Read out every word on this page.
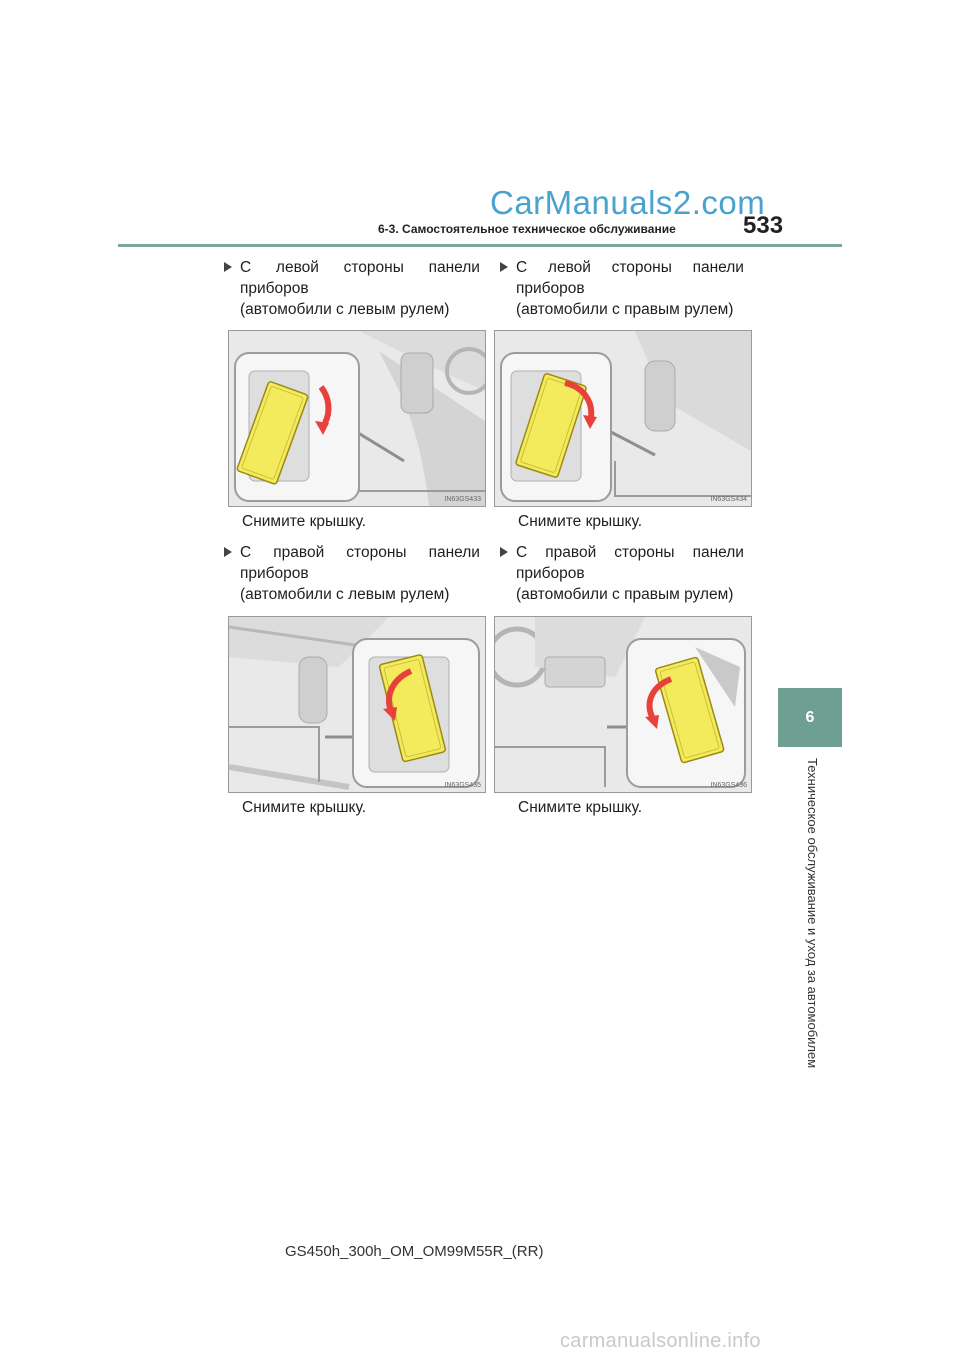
CarManuals2.com
6-3. Самостоятельное техническое обслуживание	533
6
Техническое обслуживание и уход за автомобилем
С левой стороны панели
приборов
(автомобили с левым рулем)
С левой стороны панели
приборов
(автомобили с правым рулем)
IN63GS433	IN63GS434
Снимите крышку.	Снимите крышку.
С правой стороны панели
приборов
(автомобили с левым рулем)
С правой стороны панели
приборов
(автомобили с правым рулем)
IN63GS435	IN63GS436
Снимите крышку.	Снимите крышку.
GS450h_300h_OM_OM99M55R_(RR)
carmanualsonline.info
